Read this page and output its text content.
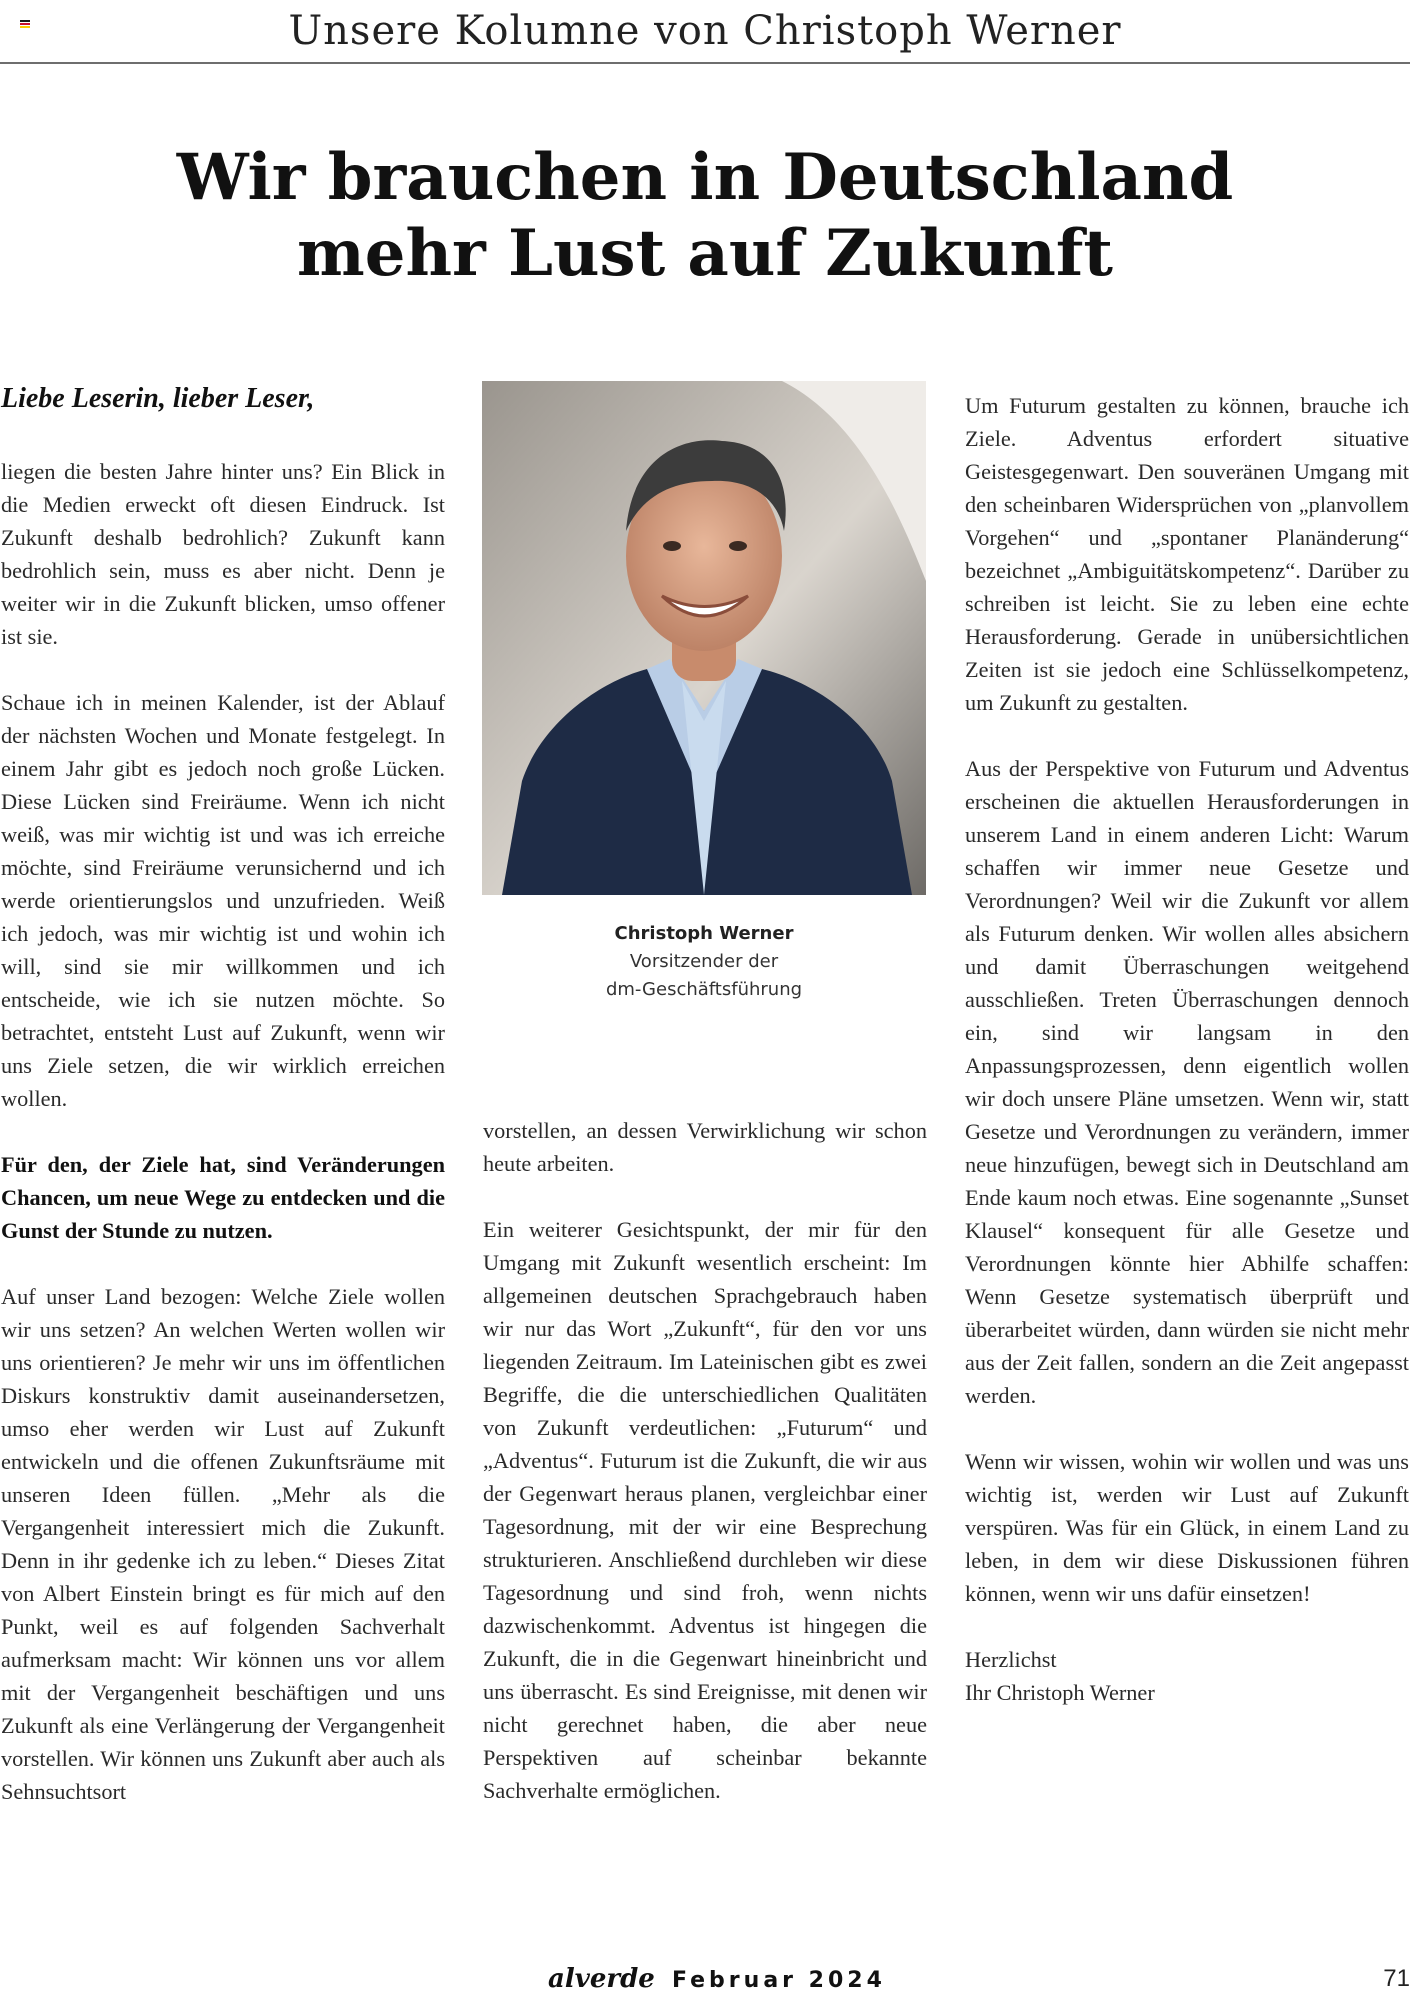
Unsere Kolumne von Christoph Werner
Wir brauchen in Deutschland
mehr Lust auf Zukunft
Liebe Leserin, lieber Leser,

liegen die besten Jahre hinter uns? Ein Blick in die Medien erweckt oft diesen Eindruck. Ist Zukunft deshalb bedrohlich? Zukunft kann bedrohlich sein, muss es aber nicht. Denn je weiter wir in die Zukunft blicken, umso offener ist sie.

Schaue ich in meinen Kalender, ist der Ablauf der nächsten Wochen und Monate festgelegt. In einem Jahr gibt es jedoch noch große Lücken. Diese Lücken sind Freiräume. Wenn ich nicht weiß, was mir wichtig ist und was ich erreiche möchte, sind Freiräume verunsichernd und ich werde orientierungslos und unzufrieden. Weiß ich jedoch, was mir wichtig ist und wohin ich will, sind sie mir willkommen und ich entscheide, wie ich sie nutzen möchte. So betrachtet, entsteht Lust auf Zukunft, wenn wir uns Ziele setzen, die wir wirklich erreichen wollen.

Für den, der Ziele hat, sind Veränderungen Chancen, um neue Wege zu entdecken und die Gunst der Stunde zu nutzen.

Auf unser Land bezogen: Welche Ziele wollen wir uns setzen? An welchen Werten wollen wir uns orientieren? Je mehr wir uns im öffentlichen Diskurs konstruktiv damit auseinandersetzen, umso eher werden wir Lust auf Zukunft entwickeln und die offenen Zukunftsräume mit unseren Ideen füllen. „Mehr als die Vergangenheit interessiert mich die Zukunft. Denn in ihr gedenke ich zu leben.“ Dieses Zitat von Albert Einstein bringt es für mich auf den Punkt, weil es auf folgenden Sachverhalt aufmerksam macht: Wir können uns vor allem mit der Vergangenheit beschäftigen und uns Zukunft als eine Verlängerung der Vergangenheit vorstellen. Wir können uns Zukunft aber auch als Sehnsuchtsort

Christoph Werner
Vorsitzender der
dm-Geschäftsführung

vorstellen, an dessen Verwirklichung wir schon heute arbeiten.

Ein weiterer Gesichtspunkt, der mir für den Umgang mit Zukunft wesentlich erscheint: Im allgemeinen deutschen Sprachgebrauch haben wir nur das Wort „Zukunft“, für den vor uns liegenden Zeitraum. Im Lateinischen gibt es zwei Begriffe, die die unterschiedlichen Qualitäten von Zukunft verdeutlichen: „Futurum“ und „Adventus“. Futurum ist die Zukunft, die wir aus der Gegenwart heraus planen, vergleichbar einer Tagesordnung, mit der wir eine Besprechung strukturieren. Anschließend durchleben wir diese Tagesordnung und sind froh, wenn nichts dazwischenkommt. Adventus ist hingegen die Zukunft, die in die Gegenwart hineinbricht und uns überrascht. Es sind Ereignisse, mit denen wir nicht gerechnet haben, die aber neue Perspektiven auf scheinbar bekannte Sachverhalte ermöglichen.

Um Futurum gestalten zu können, brauche ich Ziele. Adventus erfordert situative Geistesgegenwart. Den souveränen Umgang mit den scheinbaren Widersprüchen von „planvollem Vorgehen“ und „spontaner Planänderung“ bezeichnet „Ambiguitätskompetenz“. Darüber zu schreiben ist leicht. Sie zu leben eine echte Herausforderung. Gerade in unübersichtlichen Zeiten ist sie jedoch eine Schlüsselkompetenz, um Zukunft zu gestalten.

Aus der Perspektive von Futurum und Adventus erscheinen die aktuellen Herausforderungen in unserem Land in einem anderen Licht: Warum schaffen wir immer neue Gesetze und Verordnungen? Weil wir die Zukunft vor allem als Futurum denken. Wir wollen alles absichern und damit Überraschungen weitgehend ausschließen. Treten Überraschungen dennoch ein, sind wir langsam in den Anpassungsprozessen, denn eigentlich wollen wir doch unsere Pläne umsetzen. Wenn wir, statt Gesetze und Verordnungen zu verändern, immer neue hinzufügen, bewegt sich in Deutschland am Ende kaum noch etwas. Eine sogenannte „Sunset Klausel“ konsequent für alle Gesetze und Verordnungen könnte hier Abhilfe schaffen: Wenn Gesetze systematisch überprüft und überarbeitet würden, dann würden sie nicht mehr aus der Zeit fallen, sondern an die Zeit angepasst werden.

Wenn wir wissen, wohin wir wollen und was uns wichtig ist, werden wir Lust auf Zukunft verspüren. Was für ein Glück, in einem Land zu leben, in dem wir diese Diskussionen führen können, wenn wir uns dafür einsetzen!

Herzlichst
Ihr Christoph Werner
alverde Februar 2024	71
